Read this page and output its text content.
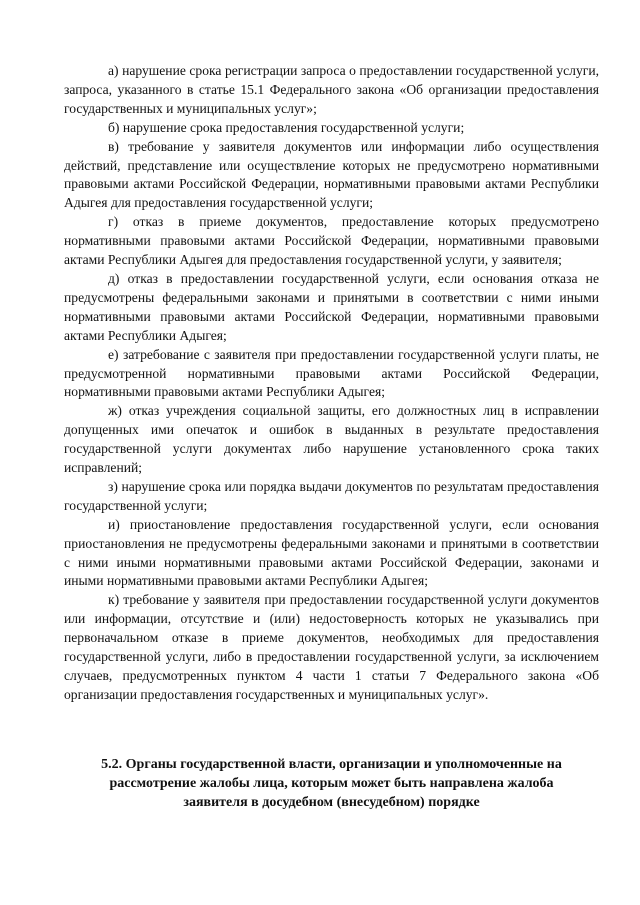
а) нарушение срока регистрации запроса о предоставлении государственной услуги, запроса, указанного в статье 15.1 Федерального закона «Об организации предоставления государственных и муниципальных услуг»;

б) нарушение срока предоставления государственной услуги;

в) требование у заявителя документов или информации либо осуществления действий, представление или осуществление которых не предусмотрено нормативными правовыми актами Российской Федерации, нормативными правовыми актами Республики Адыгея для предоставления государственной услуги;

г) отказ в приеме документов, предоставление которых предусмотрено нормативными правовыми актами Российской Федерации, нормативными правовыми актами Республики Адыгея для предоставления государственной услуги, у заявителя;

д) отказ в предоставлении государственной услуги, если основания отказа не предусмотрены федеральными законами и принятыми в соответствии с ними иными нормативными правовыми актами Российской Федерации, нормативными правовыми актами Республики Адыгея;

е) затребование с заявителя при предоставлении государственной услуги платы, не предусмотренной нормативными правовыми актами Российской Федерации, нормативными правовыми актами Республики Адыгея;

ж) отказ учреждения социальной защиты, его должностных лиц в исправлении допущенных ими опечаток и ошибок в выданных в результате предоставления государственной услуги документах либо нарушение установленного срока таких исправлений;

з) нарушение срока или порядка выдачи документов по результатам предоставления государственной услуги;

и) приостановление предоставления государственной услуги, если основания приостановления не предусмотрены федеральными законами и принятыми в соответствии с ними иными нормативными правовыми актами Российской Федерации, законами и иными нормативными правовыми актами Республики Адыгея;

к) требование у заявителя при предоставлении государственной услуги документов или информации, отсутствие и (или) недостоверность которых не указывались при первоначальном отказе в приеме документов, необходимых для предоставления государственной услуги, либо в предоставлении государственной услуги, за исключением случаев, предусмотренных пунктом 4 части 1 статьи 7 Федерального закона «Об организации предоставления государственных и муниципальных услуг».

5.2. Органы государственной власти, организации и уполномоченные на
рассмотрение жалобы лица, которым может быть направлена жалоба
заявителя в досудебном (внесудебном) порядке
